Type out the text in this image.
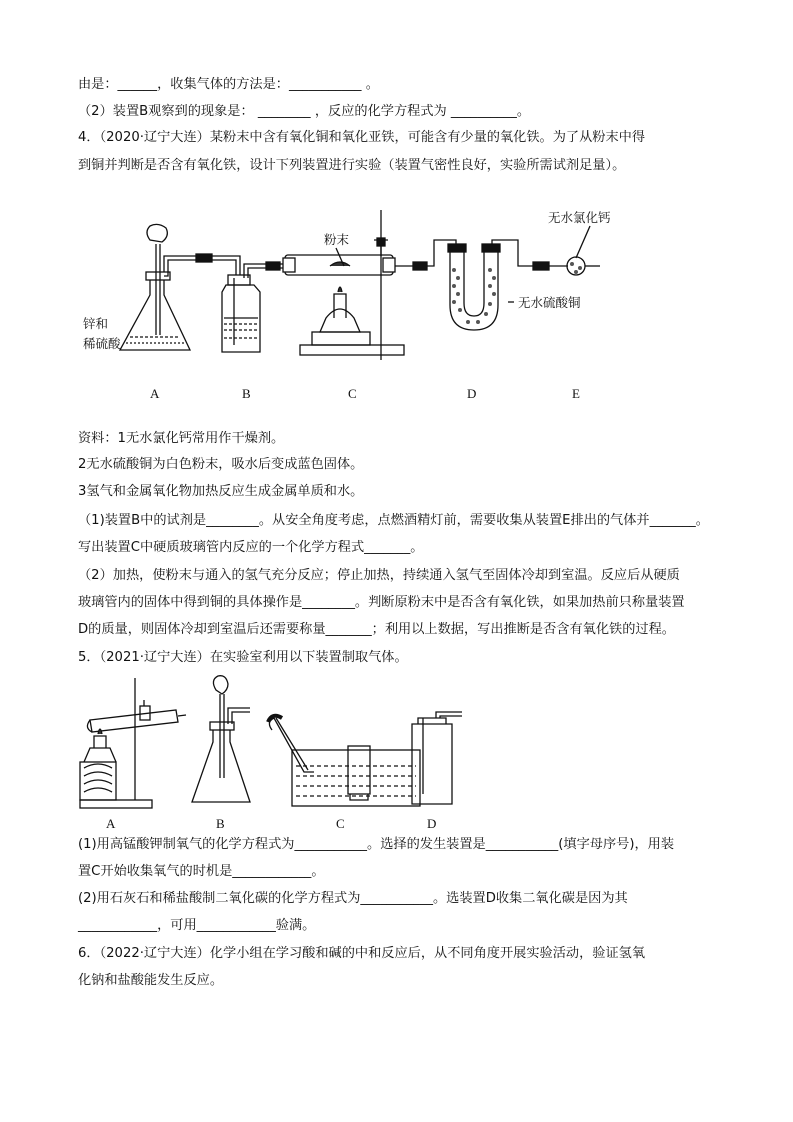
由是：______，收集气体的方法是：___________ 。
（2）装置B观察到的现象是： ________ ，反应的化学方程式为 __________。
4．（2020·辽宁大连）某粉末中含有氧化铜和氧化亚铁，可能含有少量的氧化铁。为了从粉末中得
到铜并判断是否含有氧化铁，设计下列装置进行实验（装置气密性良好，实验所需试剂足量）。
锌和
稀硫酸
粉末
无水氯化钙
无水硫酸铜
A	B	C	D	E
资料：1无水氯化钙常用作干燥剂。
2无水硫酸铜为白色粉末，吸水后变成蓝色固体。
3氢气和金属氧化物加热反应生成金属单质和水。
（1)装置B中的试剂是________。从安全角度考虑，点燃酒精灯前，需要收集从装置E排出的气体并_______。
写出装置C中硬质玻璃管内反应的一个化学方程式_______。
（2）加热，使粉末与通入的氢气充分反应；停止加热，持续通入氢气至固体冷却到室温。反应后从硬质
玻璃管内的固体中得到铜的具体操作是________。判断原粉末中是否含有氧化铁，如果加热前只称量装置
D的质量，则固体冷却到室温后还需要称量_______；利用以上数据，写出推断是否含有氧化铁的过程。
5．（2021·辽宁大连）在实验室利用以下装置制取气体。
A	B	C	D
(1)用高锰酸钾制氧气的化学方程式为___________。选择的发生装置是___________(填字母序号)，用装
置C开始收集氧气的时机是____________。
(2)用石灰石和稀盐酸制二氧化碳的化学方程式为___________。选装置D收集二氧化碳是因为其
____________，可用____________验满。
6．（2022·辽宁大连）化学小组在学习酸和碱的中和反应后，从不同角度开展实验活动，验证氢氧
化钠和盐酸能发生反应。
